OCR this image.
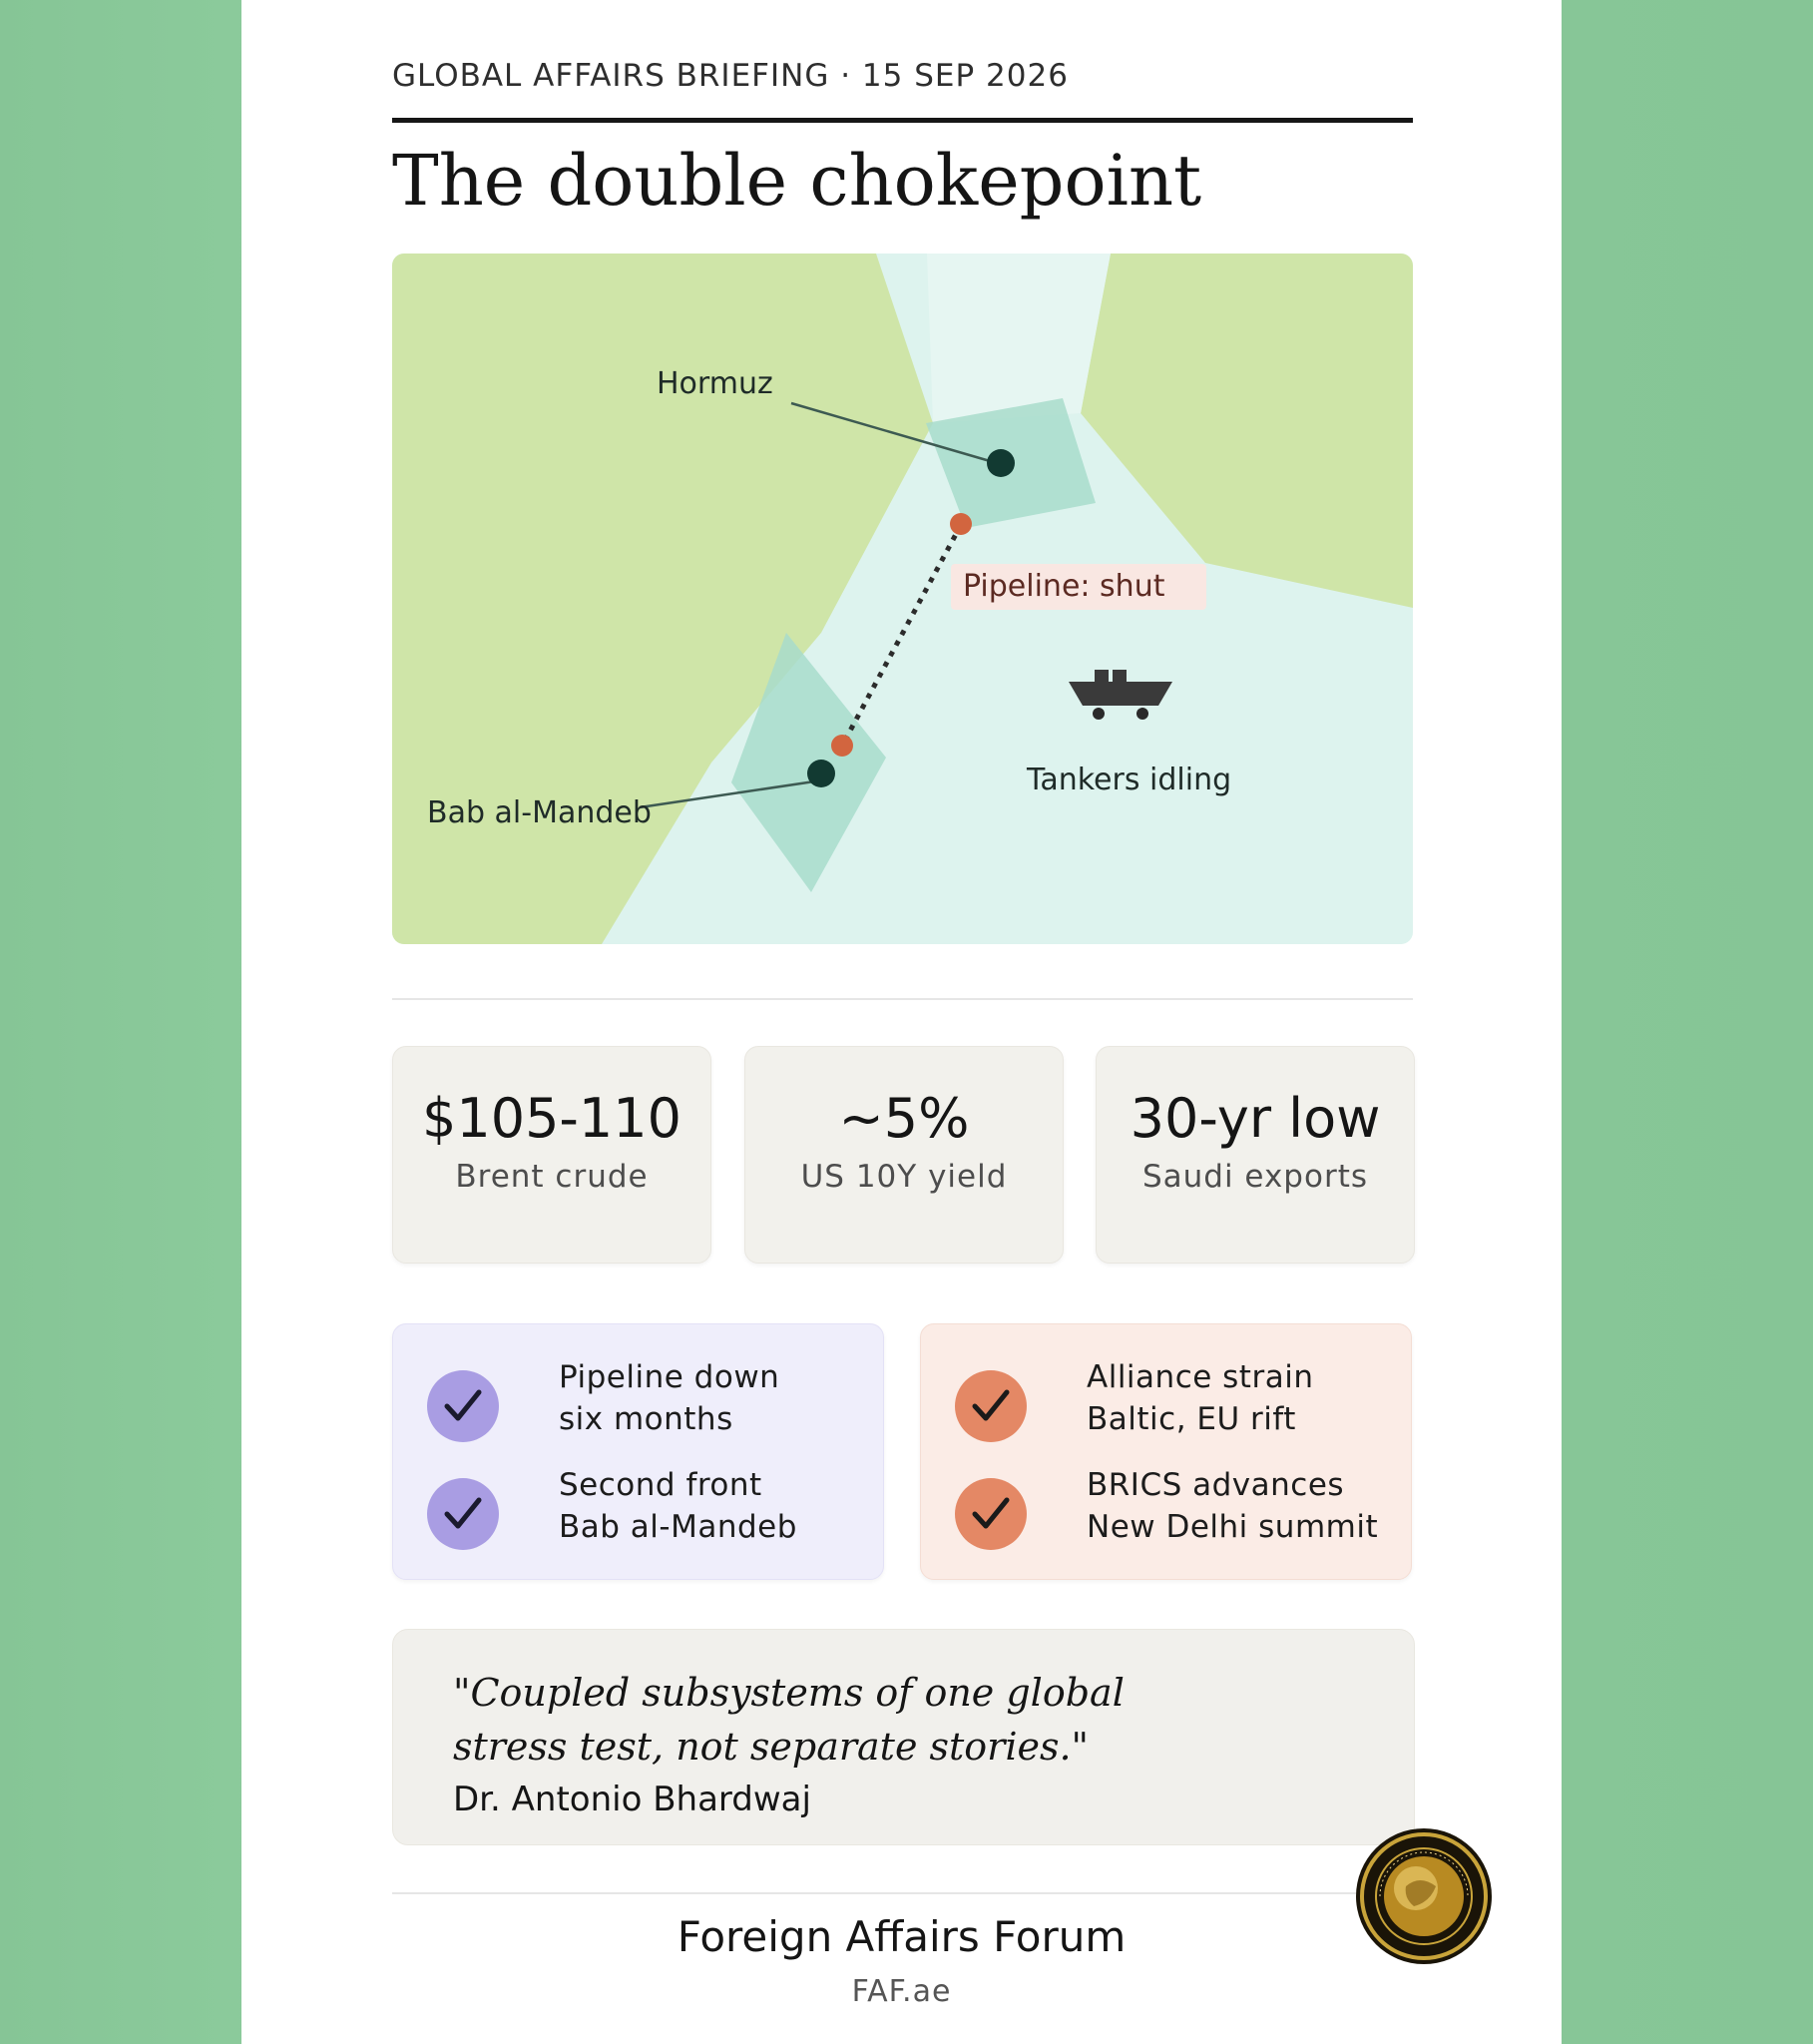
GLOBAL AFFAIRS BRIEFING · 15 SEP 2026
The double chokepoint
Hormuz
Bab al-Mandeb
Pipeline: shut
Tankers idling
$105-110
Brent crude
~5%
US 10Y yield
30-yr low
Saudi exports
Pipeline down
six months
Second front
Bab al-Mandeb
Alliance strain
Baltic, EU rift
BRICS advances
New Delhi summit
"Coupled subsystems of one global
stress test, not separate stories."
Dr. Antonio Bhardwaj
Foreign Affairs Forum
FAF.ae
